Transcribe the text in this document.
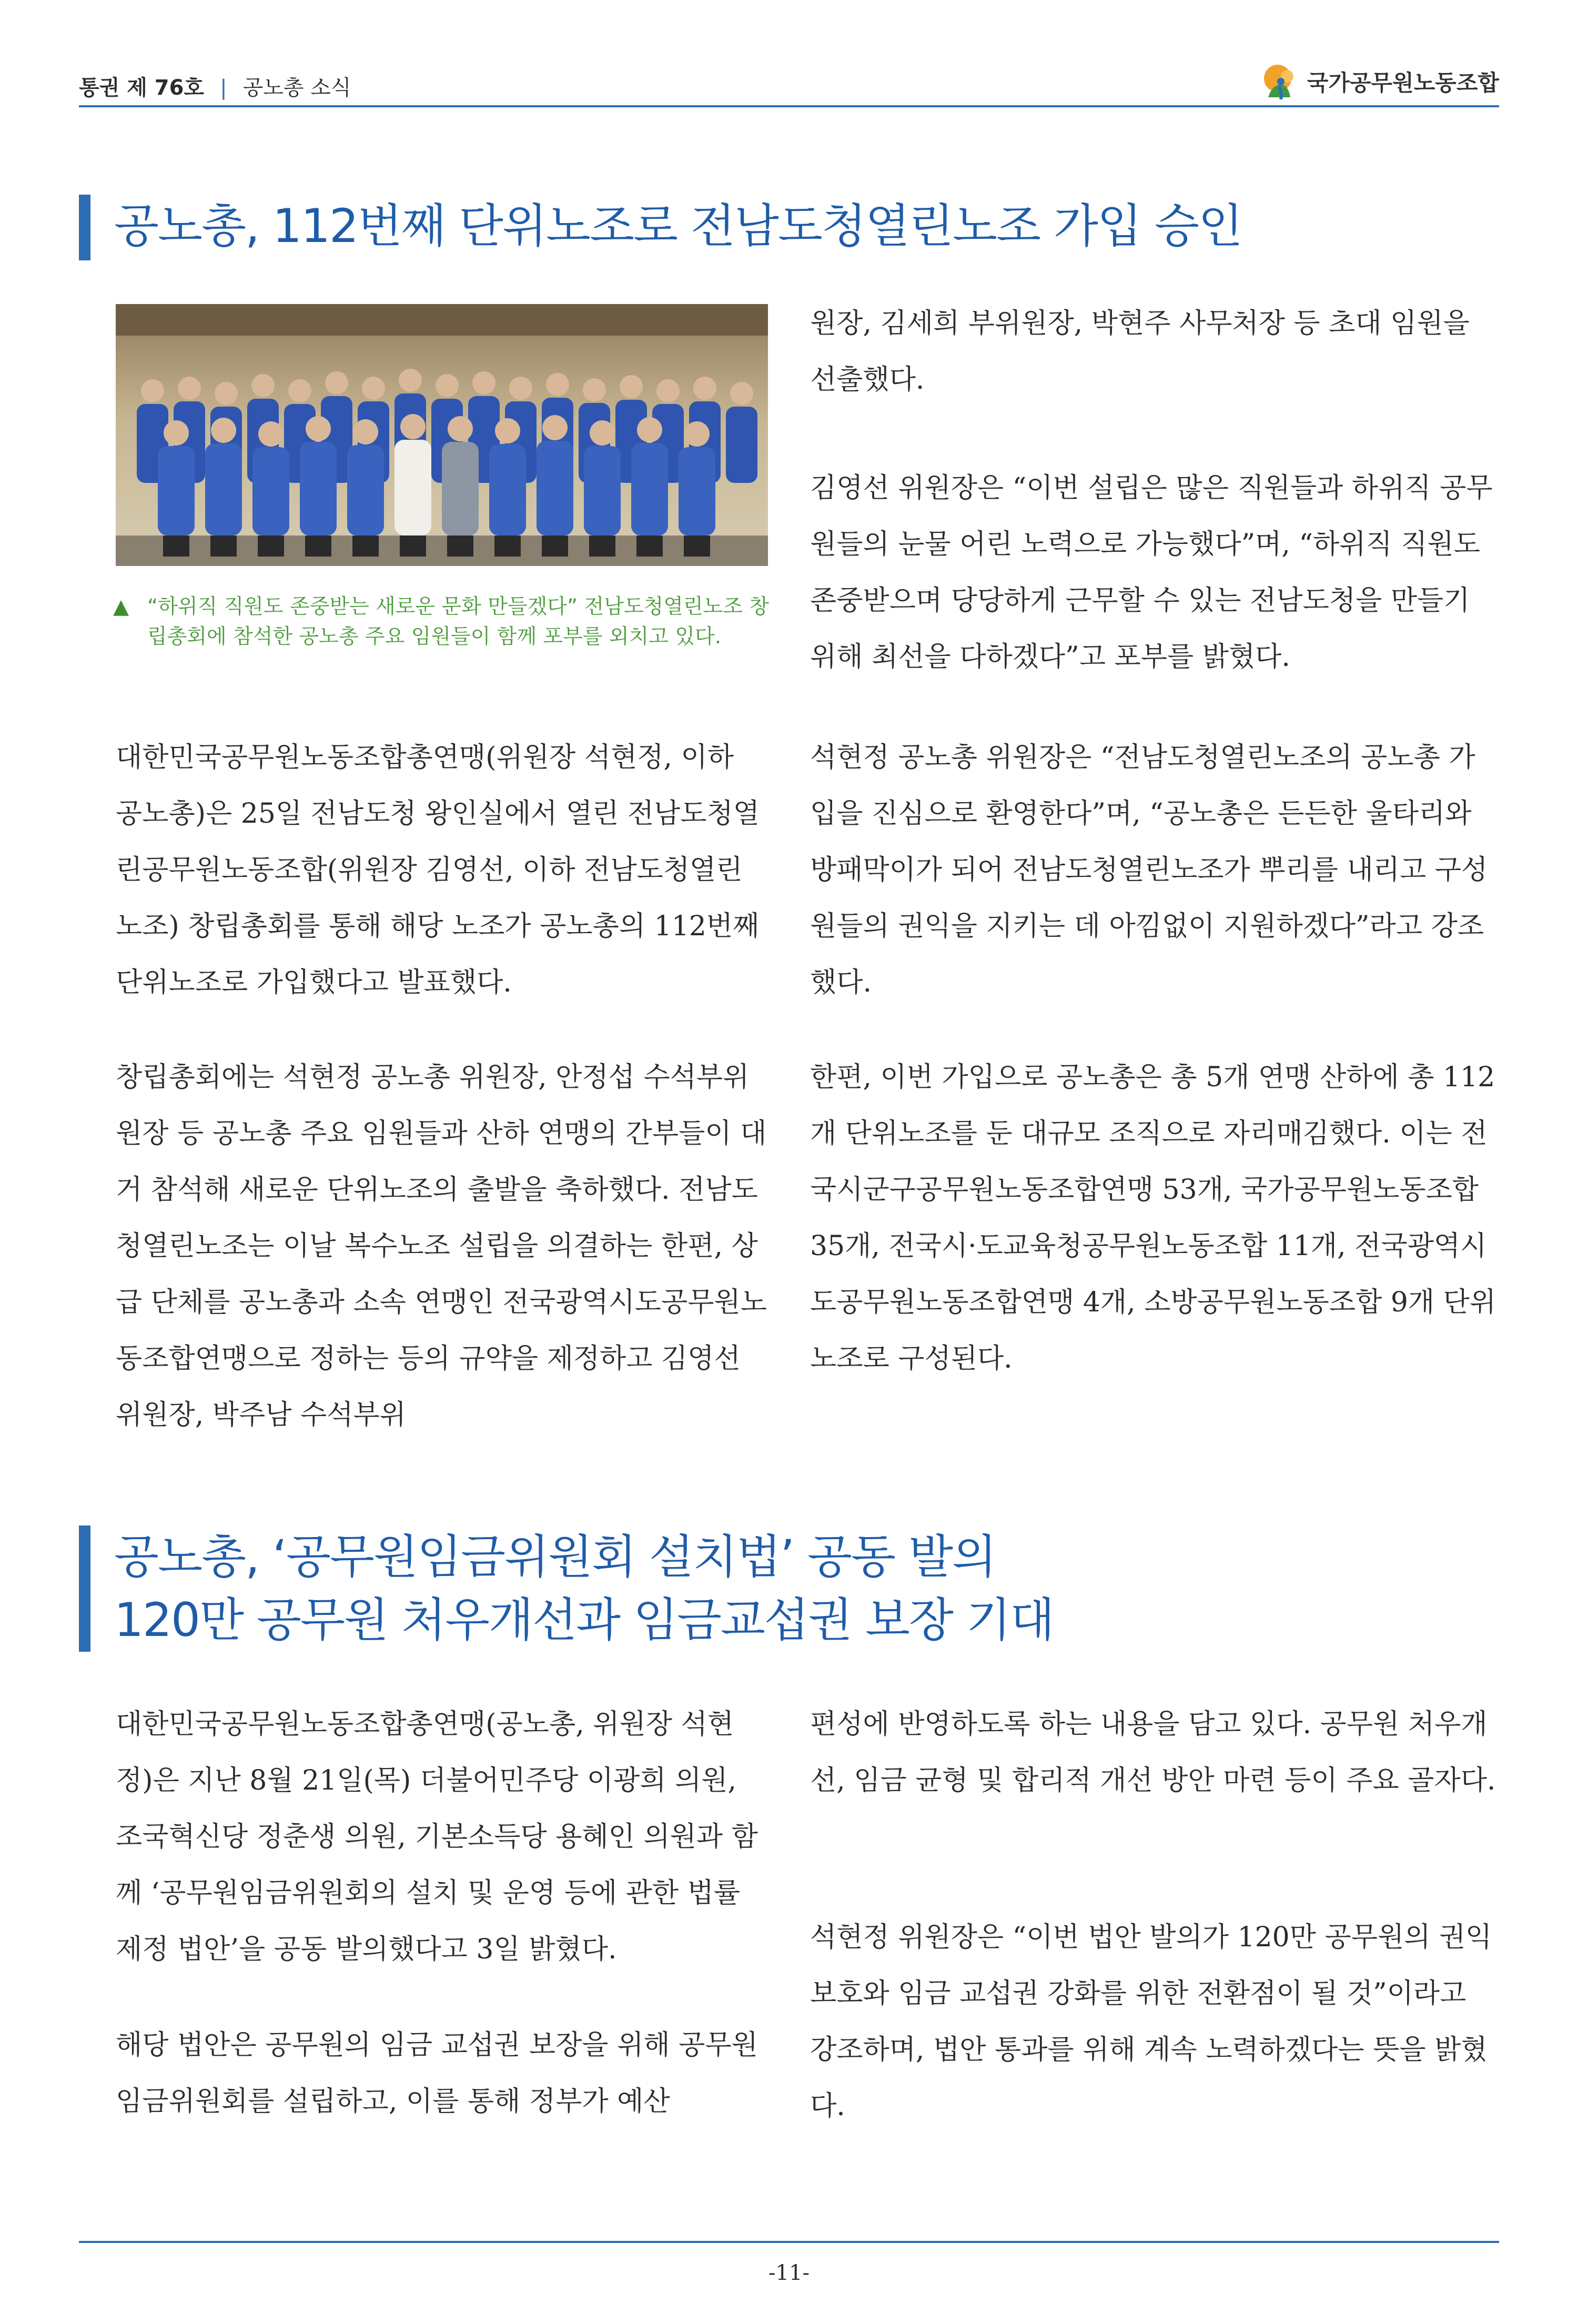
통권 제 76호 | 공노총 소식	국가공무원노동조합
공노총, 112번째 단위노조로 전남도청열린노조 가입 승인
▲ “하위직 직원도 존중받는 새로운 문화 만들겠다” 전남도청열린노조 창립총회에 참석한 공노총 주요 임원들이 함께 포부를 외치고 있다.

원장, 김세희 부위원장, 박현주 사무처장 등 초대 임원을 선출했다.

김영선 위원장은 “이번 설립은 많은 직원들과 하위직 공무원들의 눈물 어린 노력으로 가능했다”며, “하위직 직원도 존중받으며 당당하게 근무할 수 있는 전남도청을 만들기 위해 최선을 다하겠다”고 포부를 밝혔다.

대한민국공무원노동조합총연맹(위원장 석현정, 이하 공노총)은 25일 전남도청 왕인실에서 열린 전남도청열린공무원노동조합(위원장 김영선, 이하 전남도청열린노조) 창립총회를 통해 해당 노조가 공노총의 112번째 단위노조로 가입했다고 발표했다.

창립총회에는 석현정 공노총 위원장, 안정섭 수석부위원장 등 공노총 주요 임원들과 산하 연맹의 간부들이 대거 참석해 새로운 단위노조의 출발을 축하했다. 전남도청열린노조는 이날 복수노조 설립을 의결하는 한편, 상급 단체를 공노총과 소속 연맹인 전국광역시도공무원노동조합연맹으로 정하는 등의 규약을 제정하고 김영선 위원장, 박주남 수석부위

석현정 공노총 위원장은 “전남도청열린노조의 공노총 가입을 진심으로 환영한다”며, “공노총은 든든한 울타리와 방패막이가 되어 전남도청열린노조가 뿌리를 내리고 구성원들의 권익을 지키는 데 아낌없이 지원하겠다”라고 강조했다.

한편, 이번 가입으로 공노총은 총 5개 연맹 산하에 총 112개 단위노조를 둔 대규모 조직으로 자리매김했다. 이는 전국시군구공무원노동조합연맹 53개, 국가공무원노동조합 35개, 전국시·도교육청공무원노동조합 11개, 전국광역시도공무원노동조합연맹 4개, 소방공무원노동조합 9개 단위노조로 구성된다.

공노총, ‘공무원임금위원회 설치법’ 공동 발의
120만 공무원 처우개선과 임금교섭권 보장 기대

대한민국공무원노동조합총연맹(공노총, 위원장 석현정)은 지난 8월 21일(목) 더불어민주당 이광희 의원, 조국혁신당 정춘생 의원, 기본소득당 용혜인 의원과 함께 ‘공무원임금위원회의 설치 및 운영 등에 관한 법률 제정 법안’을 공동 발의했다고 3일 밝혔다.

해당 법안은 공무원의 임금 교섭권 보장을 위해 공무원임금위원회를 설립하고, 이를 통해 정부가 예산

편성에 반영하도록 하는 내용을 담고 있다. 공무원 처우개선, 임금 균형 및 합리적 개선 방안 마련 등이 주요 골자다.

석현정 위원장은 “이번 법안 발의가 120만 공무원의 권익 보호와 임금 교섭권 강화를 위한 전환점이 될 것”이라고 강조하며, 법안 통과를 위해 계속 노력하겠다는 뜻을 밝혔다.

-11-
